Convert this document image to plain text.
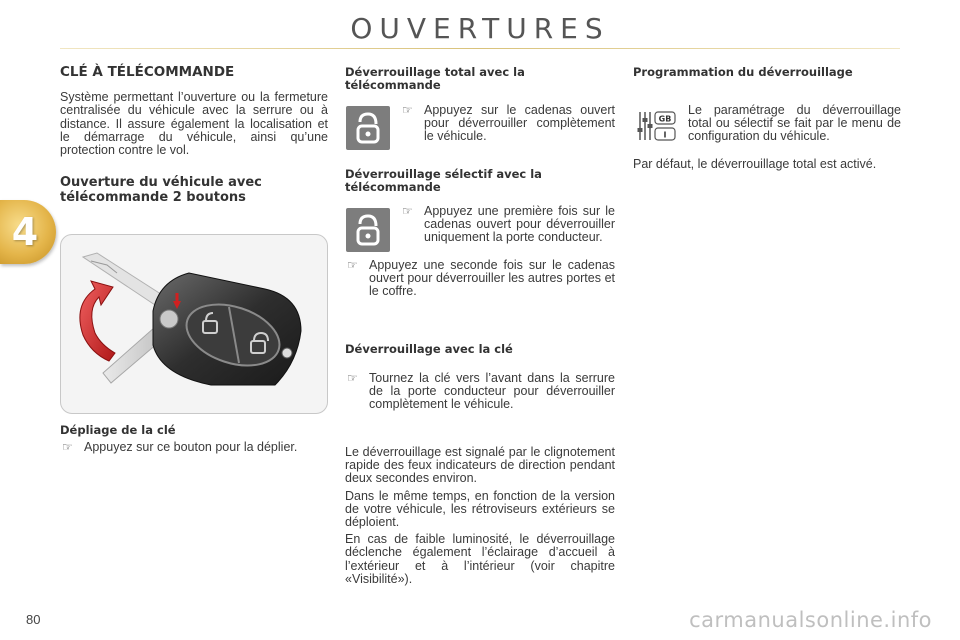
OUVERTURES
4
CLÉ À TÉLÉCOMMANDE

Système permettant l’ouverture ou la fermeture centralisée du véhicule avec la serrure ou à distance. Il assure également la localisation et le démarrage du véhicule, ainsi qu’une protection contre le vol.

Ouverture du véhicule avec télécommande 2 boutons
Dépliage de la clé
☞ Appuyez sur ce bouton pour la déplier.
Déverrouillage total avec la télécommande
☞ Appuyez sur le cadenas ouvert pour déverrouiller complètement le véhicule.
Déverrouillage sélectif avec la télécommande
☞ Appuyez une première fois sur le cadenas ouvert pour déverrouiller uniquement la porte conducteur.
☞ Appuyez une seconde fois sur le cadenas ouvert pour déverrouiller les autres portes et le coffre.
Déverrouillage avec la clé
☞ Tournez la clé vers l’avant dans la serrure de la porte conducteur pour déverrouiller complètement le véhicule.

Le déverrouillage est signalé par le clignotement rapide des feux indicateurs de direction pendant deux secondes environ.

Dans le même temps, en fonction de la version de votre véhicule, les rétroviseurs extérieurs se déploient.

En cas de faible luminosité, le déverrouillage déclenche également l’éclairage d’accueil à l’extérieur et à l’intérieur (voir chapitre «Visibilité»).

Programmation du déverrouillage
GB
I

Le paramétrage du déverrouillage total ou sélectif se fait par le menu de configuration du véhicule.

Par défaut, le déverrouillage total est activé.

80	carmanualsonline.info
